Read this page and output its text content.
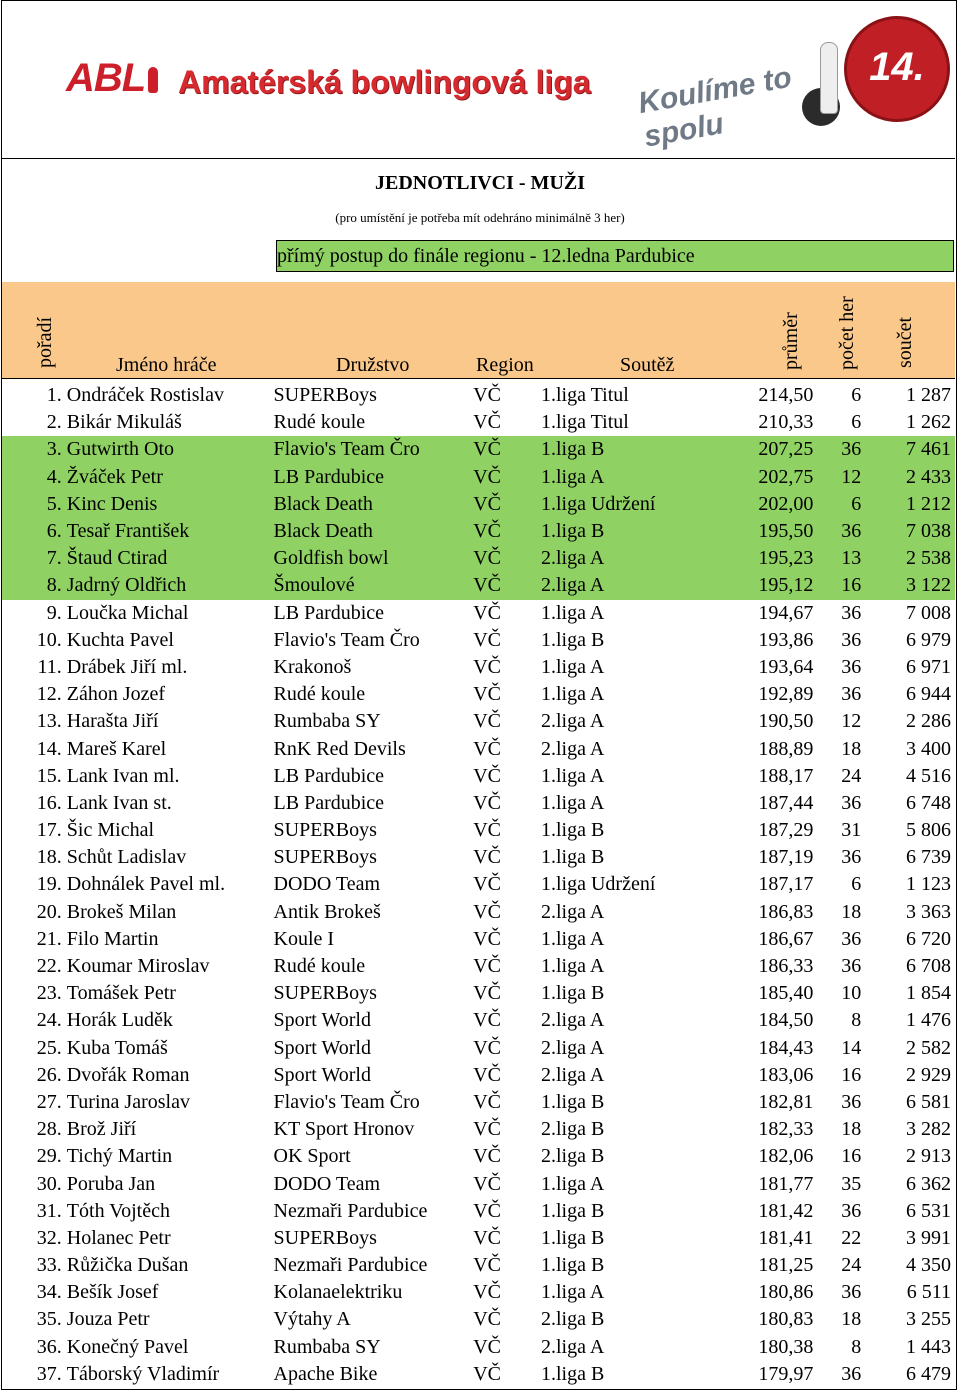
ABL	Amatérská bowlingová liga Koulíme to spolu
14.
JEDNOTLIVCI - MUŽI
(pro umístění je potřeba mít odehráno minimálně 3 her)
přímý postup do finále regionu - 12.ledna Pardubice
pořadí	Jméno hráče	Družstvo	Region	Soutěž	průměr počet her součet
1.	Ondráček Rostislav	SUPERBoys	VČ	1.liga Titul	214,50	6	1 287
2.	Bikár Mikuláš	Rudé koule	VČ	1.liga Titul	210,33	6	1 262
3.	Gutwirth Oto	Flavio's Team Čro	VČ	1.liga B	207,25	36	7 461
4.	Žváček Petr	LB Pardubice	VČ	1.liga A	202,75	12	2 433
5.	Kinc Denis	Black Death	VČ	1.liga Udržení	202,00	6	1 212
6.	Tesař František	Black Death	VČ	1.liga B	195,50	36	7 038
7.	Štaud Ctirad	Goldfish bowl	VČ	2.liga A	195,23	13	2 538
8.	Jadrný Oldřich	Šmoulové	VČ	2.liga A	195,12	16	3 122
9.	Loučka Michal	LB Pardubice	VČ	1.liga A	194,67	36	7 008
10.	Kuchta Pavel	Flavio's Team Čro	VČ	1.liga B	193,86	36	6 979
11.	Drábek Jiří ml.	Krakonoš	VČ	1.liga A	193,64	36	6 971
12.	Záhon Jozef	Rudé koule	VČ	1.liga A	192,89	36	6 944
13.	Harašta Jiří	Rumbaba SY	VČ	2.liga A	190,50	12	2 286
14.	Mareš Karel	RnK Red Devils	VČ	2.liga A	188,89	18	3 400
15.	Lank Ivan ml.	LB Pardubice	VČ	1.liga A	188,17	24	4 516
16.	Lank Ivan st.	LB Pardubice	VČ	1.liga A	187,44	36	6 748
17.	Šic Michal	SUPERBoys	VČ	1.liga B	187,29	31	5 806
18.	Schůt Ladislav	SUPERBoys	VČ	1.liga B	187,19	36	6 739
19.	Dohnálek Pavel ml.	DODO Team	VČ	1.liga Udržení	187,17	6	1 123
20.	Brokeš Milan	Antik Brokeš	VČ	2.liga A	186,83	18	3 363
21.	Filo Martin	Koule I	VČ	1.liga A	186,67	36	6 720
22.	Koumar Miroslav	Rudé koule	VČ	1.liga A	186,33	36	6 708
23.	Tomášek Petr	SUPERBoys	VČ	1.liga B	185,40	10	1 854
24.	Horák Luděk	Sport World	VČ	2.liga A	184,50	8	1 476
25.	Kuba Tomáš	Sport World	VČ	2.liga A	184,43	14	2 582
26.	Dvořák Roman	Sport World	VČ	2.liga A	183,06	16	2 929
27.	Turina Jaroslav	Flavio's Team Čro	VČ	1.liga B	182,81	36	6 581
28.	Brož Jiří	KT Sport Hronov	VČ	2.liga B	182,33	18	3 282
29.	Tichý Martin	OK Sport	VČ	2.liga B	182,06	16	2 913
30.	Poruba Jan	DODO Team	VČ	1.liga A	181,77	35	6 362
31.	Tóth Vojtěch	Nezmaři Pardubice	VČ	1.liga B	181,42	36	6 531
32.	Holanec Petr	SUPERBoys	VČ	1.liga B	181,41	22	3 991
33.	Růžička Dušan	Nezmaři Pardubice	VČ	1.liga B	181,25	24	4 350
34.	Bešík Josef	Kolanaelektriku	VČ	1.liga A	180,86	36	6 511
35.	Jouza Petr	Výtahy A	VČ	2.liga B	180,83	18	3 255
36.	Konečný Pavel	Rumbaba SY	VČ	2.liga A	180,38	8	1 443
37.	Táborský Vladimír	Apache Bike	VČ	1.liga B	179,97	36	6 479
